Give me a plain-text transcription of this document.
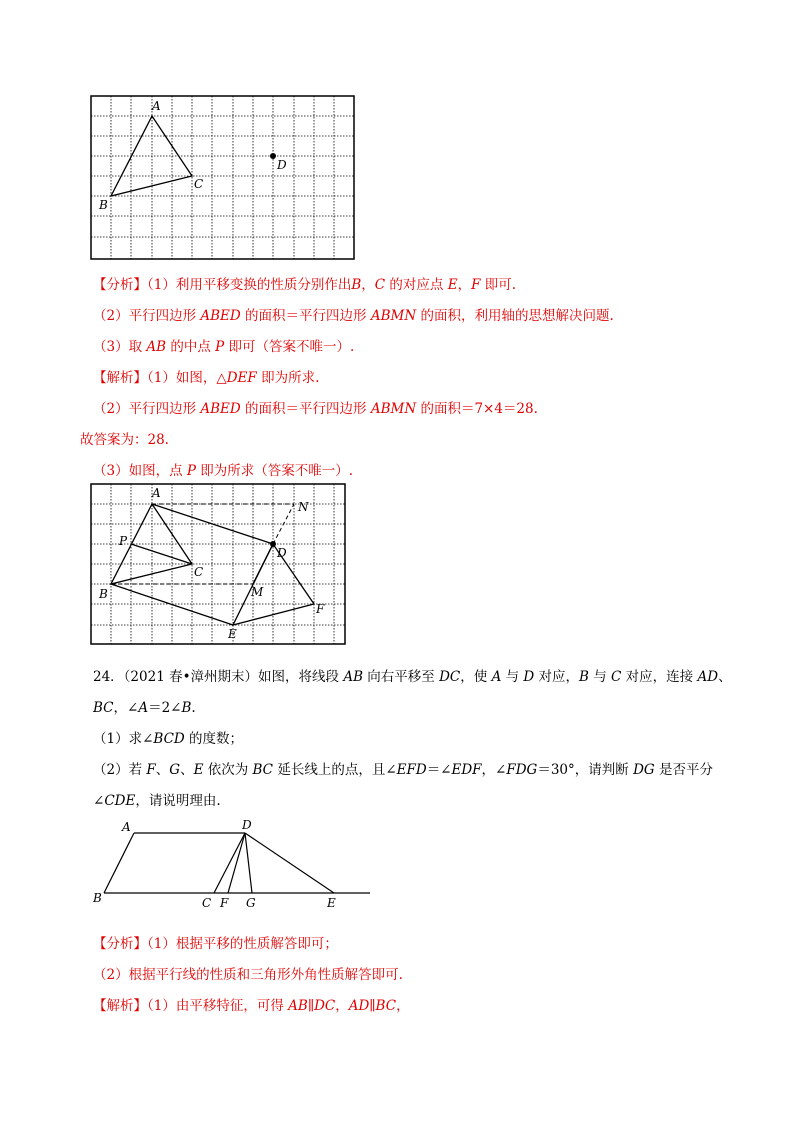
A
B
C
D
【分析】（1）利用平移变换的性质分别作出B，C 的对应点 E，F 即可.
（2）平行四边形 ABED 的面积＝平行四边形 ABMN 的面积，利用轴的思想解决问题.
（3）取 AB 的中点 P 即可（答案不唯一）.
【解析】（1）如图，△DEF 即为所求.
（2）平行四边形 ABED 的面积＝平行四边形 ABMN 的面积＝7×4＝28.
故答案为：28.
（3）如图，点 P 即为所求（答案不唯一）.
A
B
C
D
E
F
M
N
P
24．（2021 春•漳州期末）如图，将线段 AB 向右平移至 DC，使 A 与 D 对应，B 与 C 对应，连接 AD、
BC，∠A＝2∠B.
（1）求∠BCD 的度数；
（2）若 F、G、E 依次为 BC 延长线上的点，且∠EFD＝∠EDF，∠FDG＝30°，请判断 DG 是否平分
∠CDE，请说明理由.
A	D
B	C F G	E
【分析】（1）根据平移的性质解答即可；
（2）根据平行线的性质和三角形外角性质解答即可.
【解析】（1）由平移特征，可得 AB∥DC，AD∥BC，
